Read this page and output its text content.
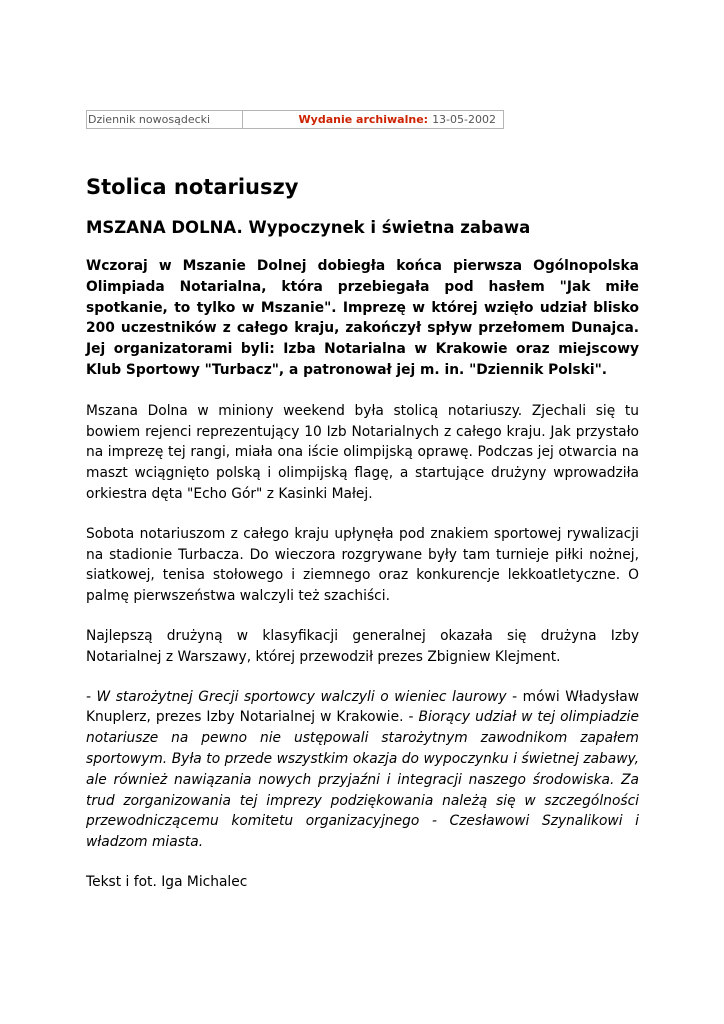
Dziennik nowosądecki	Wydanie archiwalne: 13-05-2002
Stolica notariuszy
MSZANA DOLNA. Wypoczynek i świetna zabawa

Wczoraj w Mszanie Dolnej dobiegła końca pierwsza Ogólnopolska Olimpiada Notarialna, która przebiegała pod hasłem "Jak miłe spotkanie, to tylko w Mszanie". Imprezę w której wzięło udział blisko 200 uczestników z całego kraju, zakończył spływ przełomem Dunajca. Jej organizatorami byli: Izba Notarialna w Krakowie oraz miejscowy Klub Sportowy "Turbacz", a patronował jej m. in. "Dziennik Polski".

Mszana Dolna w miniony weekend była stolicą notariuszy. Zjechali się tu bowiem rejenci reprezentujący 10 Izb Notarialnych z całego kraju. Jak przystało na imprezę tej rangi, miała ona iście olimpijską oprawę. Podczas jej otwarcia na maszt wciągnięto polską i olimpijską flagę, a startujące drużyny wprowadziła orkiestra dęta "Echo Gór" z Kasinki Małej.

Sobota notariuszom z całego kraju upłynęła pod znakiem sportowej rywalizacji na stadionie Turbacza. Do wieczora rozgrywane były tam turnieje piłki nożnej, siatkowej, tenisa stołowego i ziemnego oraz konkurencje lekkoatletyczne. O palmę pierwszeństwa walczyli też szachiści.

Najlepszą drużyną w klasyfikacji generalnej okazała się drużyna Izby Notarialnej z Warszawy, której przewodził prezes Zbigniew Klejment.

- W starożytnej Grecji sportowcy walczyli o wieniec laurowy - mówi Władysław Knuplerz, prezes Izby Notarialnej w Krakowie. - Biorący udział w tej olimpiadzie notariusze na pewno nie ustępowali starożytnym zawodnikom zapałem sportowym. Była to przede wszystkim okazja do wypoczynku i świetnej zabawy, ale również nawiązania nowych przyjaźni i integracji naszego środowiska. Za trud zorganizowania tej imprezy podziękowania należą się w szczególności przewodniczącemu komitetu organizacyjnego - Czesławowi Szynalikowi i władzom miasta.

Tekst i fot. Iga Michalec
